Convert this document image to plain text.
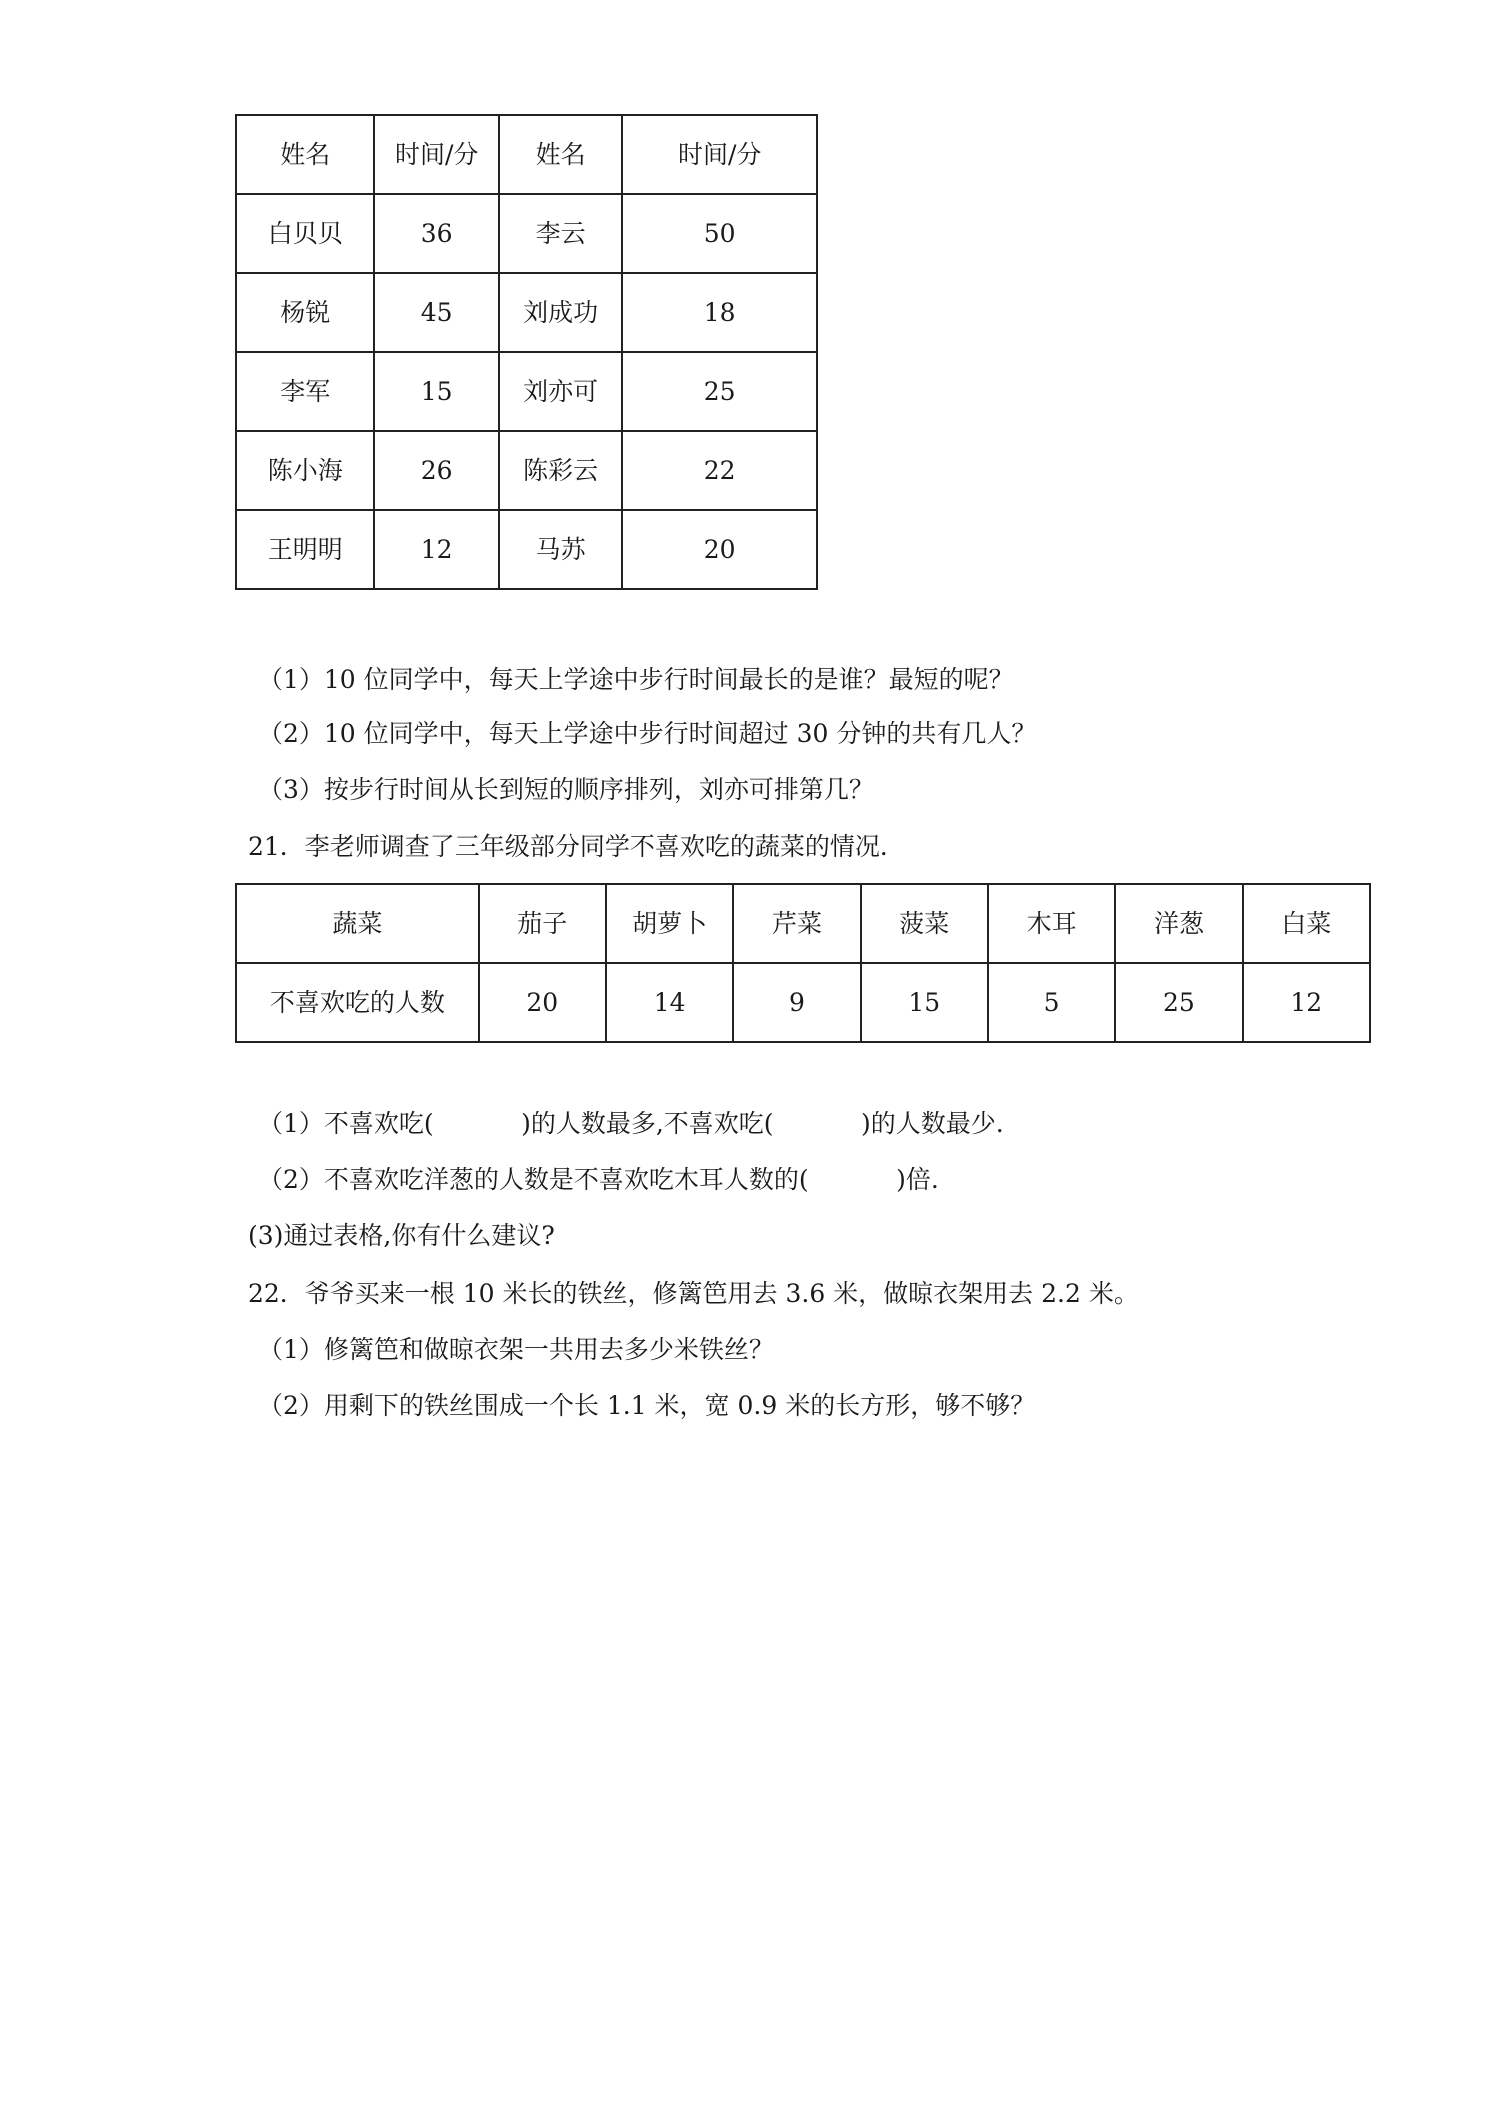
姓名	时间/分	姓名	时间/分
白贝贝	36	李云	50
杨锐	45	刘成功	18
李军	15	刘亦可	25
陈小海	26	陈彩云	22
王明明	12	马苏	20
（1）10 位同学中，每天上学途中步行时间最长的是谁？最短的呢？
（2）10 位同学中，每天上学途中步行时间超过 30 分钟的共有几人？
（3）按步行时间从长到短的顺序排列，刘亦可排第几？
21．李老师调查了三年级部分同学不喜欢吃的蔬菜的情况．
蔬菜	茄子	胡萝卜	芹菜	菠菜	木耳	洋葱	白菜
不喜欢吃的人数	20	14	9	15	5	25	12
（1）不喜欢吃(           )的人数最多,不喜欢吃(           )的人数最少.
（2）不喜欢吃洋葱的人数是不喜欢吃木耳人数的(           )倍.
(3)通过表格,你有什么建议?
22．爷爷买来一根 10 米长的铁丝，修篱笆用去 3.6 米，做晾衣架用去 2.2 米。
（1）修篱笆和做晾衣架一共用去多少米铁丝？
（2）用剩下的铁丝围成一个长 1.1 米，宽 0.9 米的长方形，够不够？
